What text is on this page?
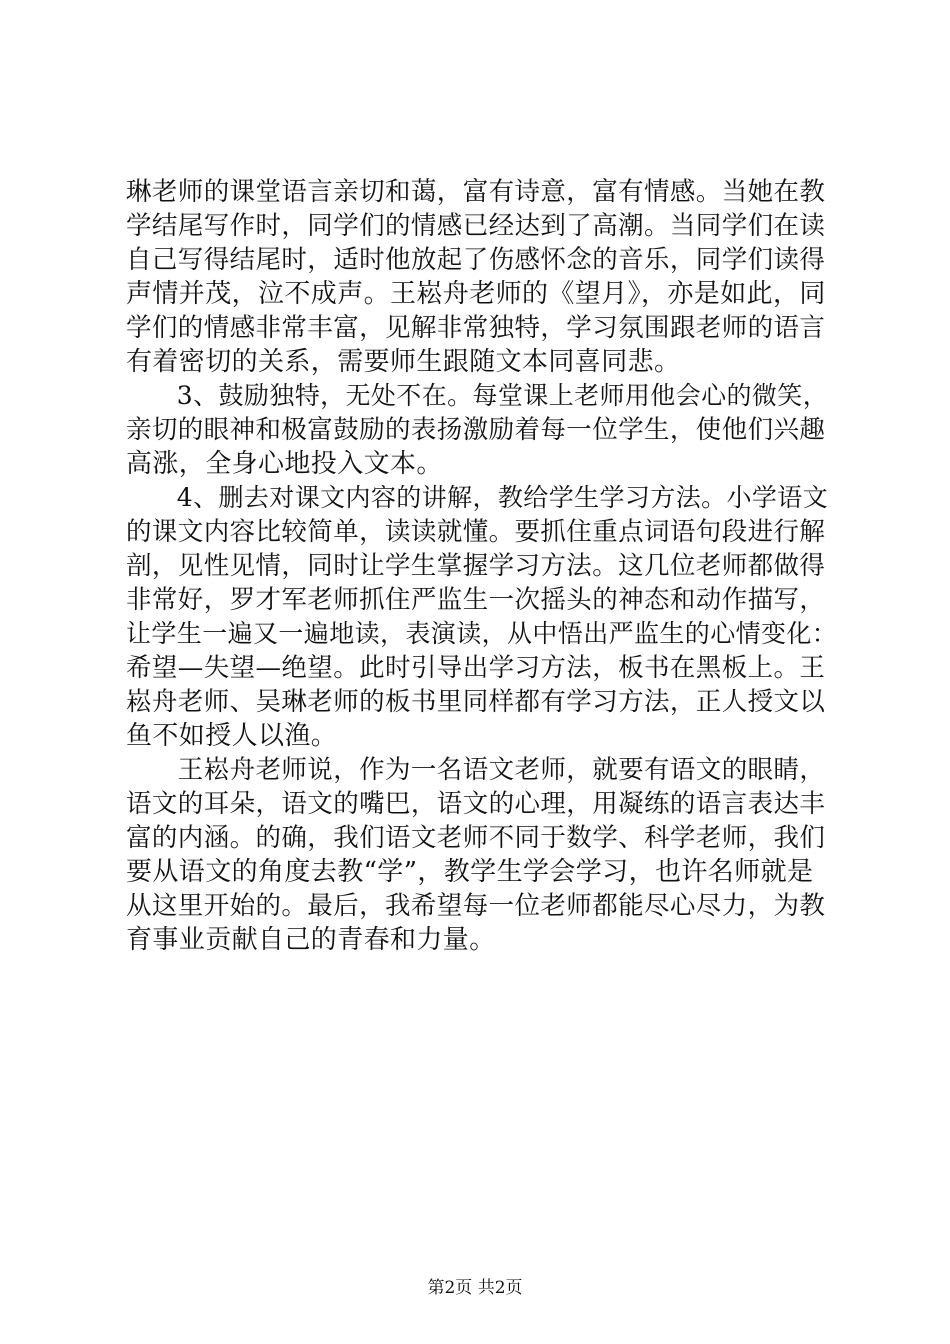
琳老师的课堂语言亲切和蔼，富有诗意，富有情感。当她在教
学结尾写作时，同学们的情感已经达到了高潮。当同学们在读
自己写得结尾时，适时他放起了伤感怀念的音乐，同学们读得
声情并茂，泣不成声。王崧舟老师的《望月》，亦是如此，同
学们的情感非常丰富，见解非常独特，学习氛围跟老师的语言
有着密切的关系，需要师生跟随文本同喜同悲。
　　3、鼓励独特，无处不在。每堂课上老师用他会心的微笑，
亲切的眼神和极富鼓励的表扬激励着每一位学生，使他们兴趣
高涨，全身心地投入文本。
　　4、删去对课文内容的讲解，教给学生学习方法。小学语文
的课文内容比较简单，读读就懂。要抓住重点词语句段进行解
剖，见性见情，同时让学生掌握学习方法。这几位老师都做得
非常好，罗才军老师抓住严监生一次摇头的神态和动作描写，
让学生一遍又一遍地读，表演读，从中悟出严监生的心情变化：
希望—失望—绝望。此时引导出学习方法，板书在黑板上。王
崧舟老师、吴琳老师的板书里同样都有学习方法，正人授文以
鱼不如授人以渔。
　　王崧舟老师说，作为一名语文老师，就要有语文的眼睛，
语文的耳朵，语文的嘴巴，语文的心理，用凝练的语言表达丰
富的内涵。的确，我们语文老师不同于数学、科学老师，我们
要从语文的角度去教“学”，教学生学会学习，也许名师就是
从这里开始的。最后，我希望每一位老师都能尽心尽力，为教
育事业贡献自己的青春和力量。
第2页 共2页
